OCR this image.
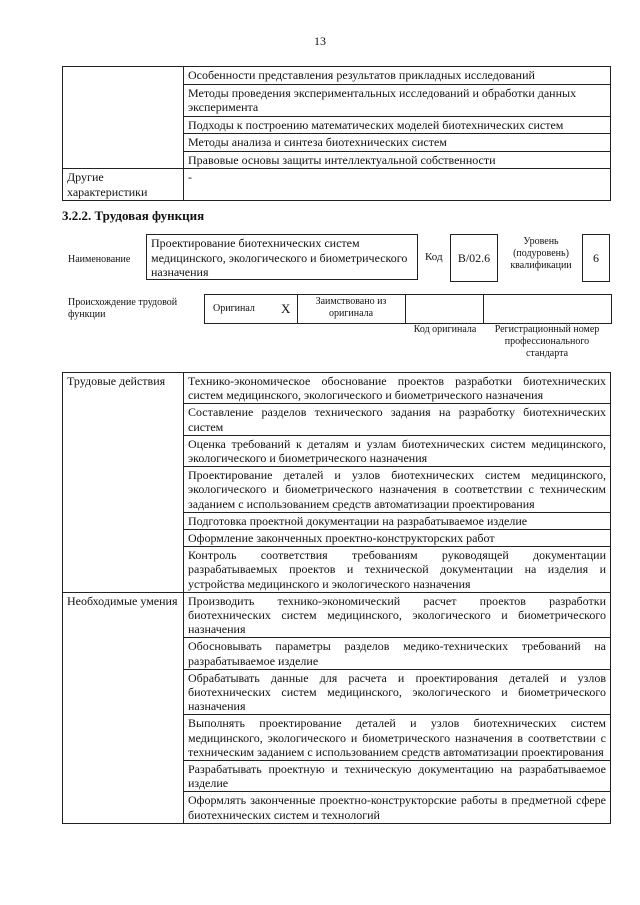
13
	Особенности представления результатов прикладных исследований
	Методы проведения экспериментальных исследований и обработки данных эксперимента
	Подходы к построению математических моделей биотехнических систем
	Методы анализа и синтеза биотехнических систем
	Правовые основы защиты интеллектуальной собственности
Другие характеристики	-
3.2.2. Трудовая функция
Наименование
Проектирование биотехнических систем медицинского, экологического и биометрического назначения
Код	B/02.6
Уровень (подуровень) квалификации
6
Происхождение трудовой функции
Оригинал X	Заимствовано из оригинала
Код оригинала	Регистрационный номер профессионального стандарта
Трудовые действия	Технико-экономическое обоснование проектов разработки биотехнических систем медицинского, экологического и биометрического назначения
	Составление разделов технического задания на разработку биотехнических систем
	Оценка требований к деталям и узлам биотехнических систем медицинского, экологического и биометрического назначения
	Проектирование деталей и узлов биотехнических систем медицинского, экологического и биометрического назначения в соответствии с техническим заданием с использованием средств автоматизации проектирования
	Подготовка проектной документации на разрабатываемое изделие
	Оформление законченных проектно-конструкторских работ
	Контроль соответствия требованиям руководящей документации разрабатываемых проектов и технической документации на изделия и устройства медицинского и экологического назначения
Необходимые умения	Производить технико-экономический расчет проектов разработки биотехнических систем медицинского, экологического и биометрического назначения
	Обосновывать параметры разделов медико-технических требований на разрабатываемое изделие
	Обрабатывать данные для расчета и проектирования деталей и узлов биотехнических систем медицинского, экологического и биометрического назначения
	Выполнять проектирование деталей и узлов биотехнических систем медицинского, экологического и биометрического назначения в соответствии с техническим заданием с использованием средств автоматизации проектирования
	Разрабатывать проектную и техническую документацию на разрабатываемое изделие
	Оформлять законченные проектно-конструкторские работы в предметной сфере биотехнических систем и технологий
